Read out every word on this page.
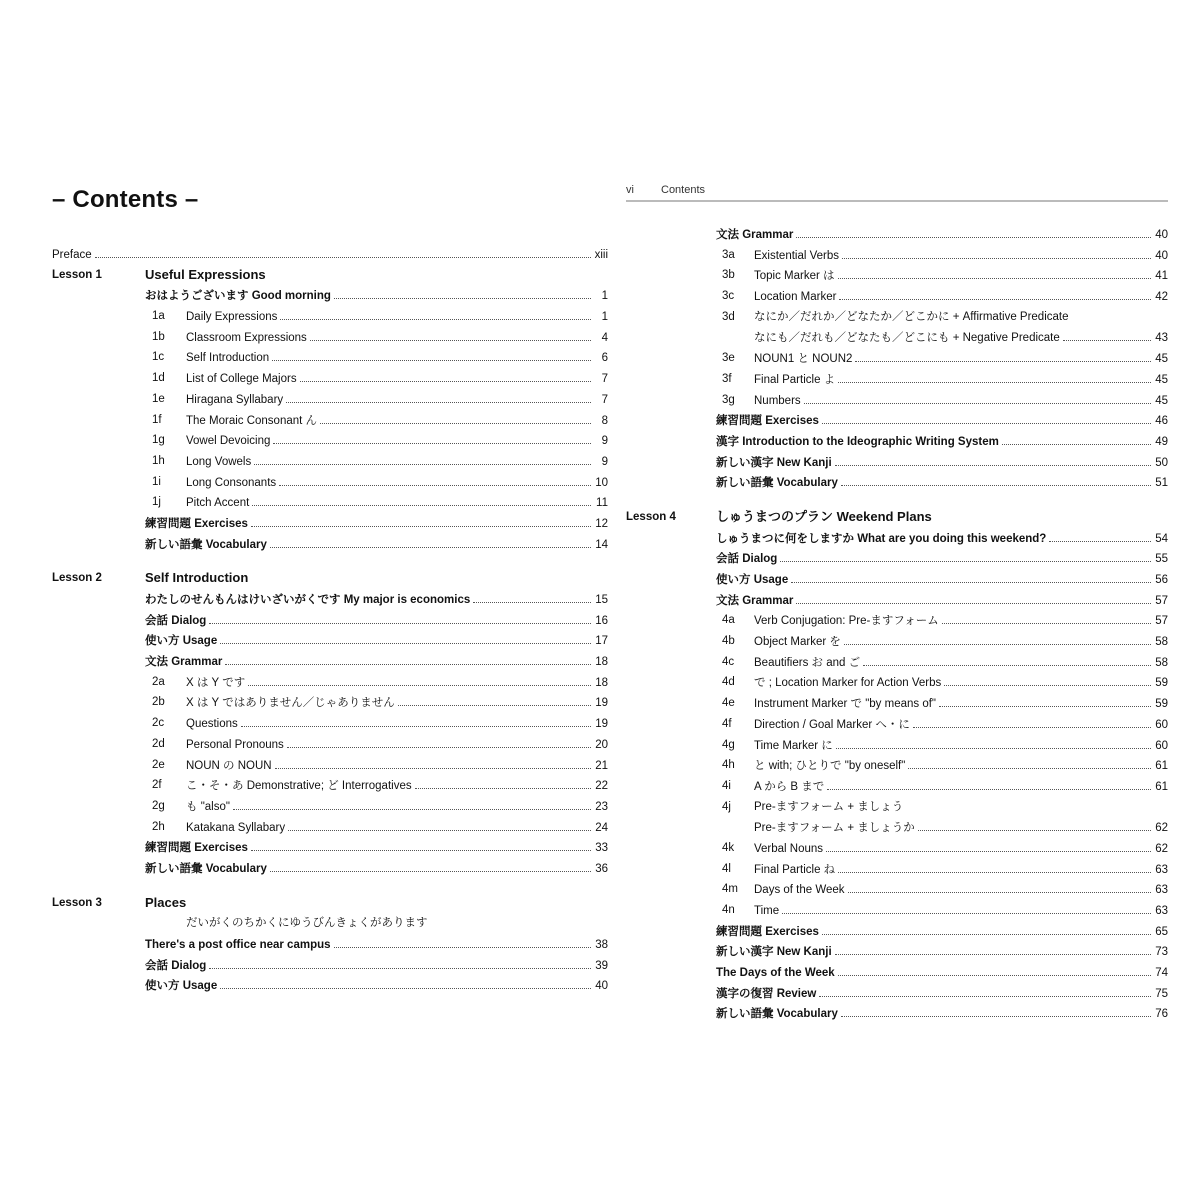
– Contents –
Preface	xiii
Lesson 1	Useful Expressions
おはようございます Good morning	1
1a	Daily Expressions	1
1b	Classroom Expressions	4
1c	Self Introduction	6
1d	List of College Majors	7
1e	Hiragana Syllabary	7
1f	The Moraic Consonant ん	8
1g	Vowel Devoicing	9
1h	Long Vowels	9
1i	Long Consonants	10
1j	Pitch Accent	11
練習問題 Exercises	12
新しい語彙 Vocabulary	14
Lesson 2	Self Introduction
わたしのせんもんはけいざいがくです My major is economics	15
会話 Dialog	16
使い方 Usage	17
文法 Grammar	18
2a	X は Y です	18
2b	X は Y ではありません／じゃありません	19
2c	Questions	19
2d	Personal Pronouns	20
2e	NOUN の NOUN	21
2f	こ・そ・あ Demonstrative; ど Interrogatives	22
2g	も "also"	23
2h	Katakana Syllabary	24
練習問題 Exercises	33
新しい語彙 Vocabulary	36
Lesson 3	Places
だいがくのちかくにゆうびんきょくがあります
There's a post office near campus	38
会話 Dialog	39
使い方 Usage	40
vi Contents
文法 Grammar	40
3a	Existential Verbs	40
3b	Topic Marker は	41
3c	Location Marker	42
3d	なにか／だれか／どなたか／どこかに + Affirmative Predicate
なにも／だれも／どなたも／どこにも + Negative Predicate	43
3e	NOUN1 と NOUN2	45
3f	Final Particle よ	45
3g	Numbers	45
練習問題 Exercises	46
漢字 Introduction to the Ideographic Writing System	49
新しい漢字 New Kanji	50
新しい語彙 Vocabulary	51
Lesson 4	しゅうまつのプラン Weekend Plans
しゅうまつに何をしますか What are you doing this weekend?	54
会話 Dialog	55
使い方 Usage	56
文法 Grammar	57
4a	Verb Conjugation: Pre-ますフォーム	57
4b	Object Marker を	58
4c	Beautifiers お and ご	58
4d	で ; Location Marker for Action Verbs	59
4e	Instrument Marker で "by means of"	59
4f	Direction / Goal Marker へ・に	60
4g	Time Marker に	60
4h	と with; ひとりで "by oneself"	61
4i	A から B まで	61
4j	Pre-ますフォーム + ましょう
Pre-ますフォーム + ましょうか	62
4k	Verbal Nouns	62
4l	Final Particle ね	63
4m	Days of the Week	63
4n	Time	63
練習問題 Exercises	65
新しい漢字 New Kanji	73
The Days of the Week	74
漢字の復習 Review	75
新しい語彙 Vocabulary	76
